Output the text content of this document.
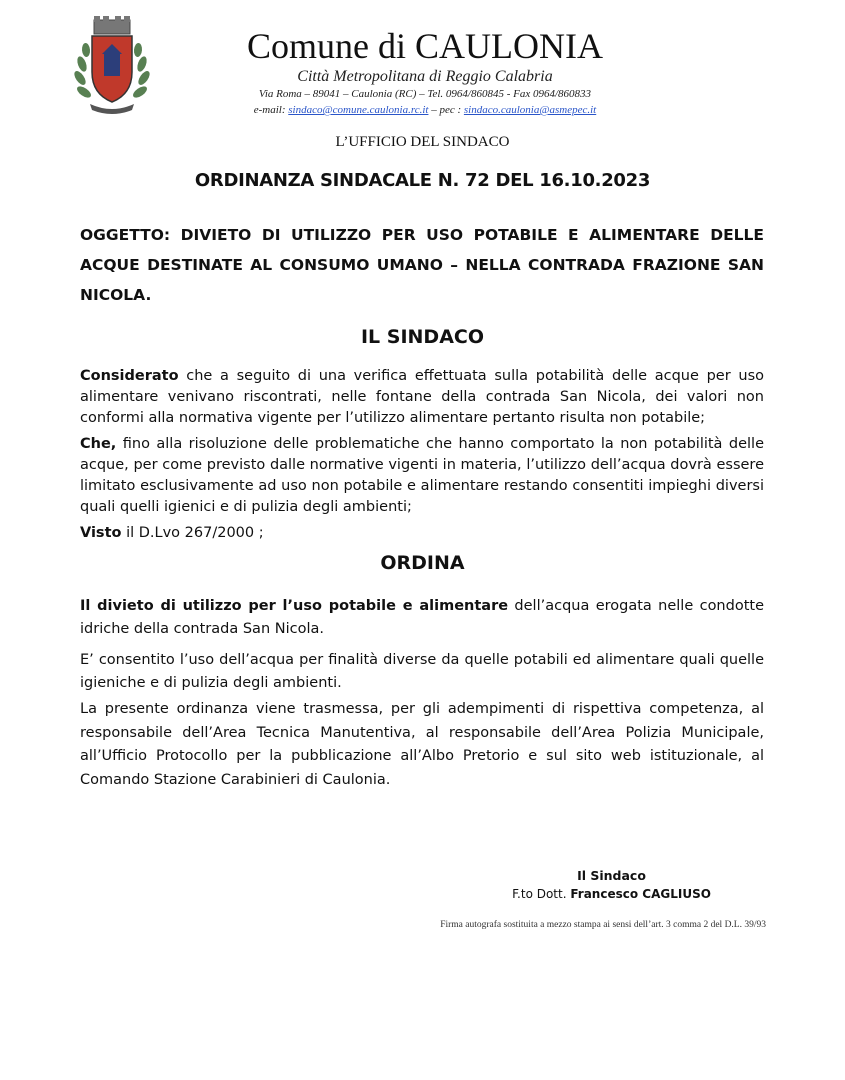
Comune di CAULONIA
Città Metropolitana di Reggio Calabria
Via Roma – 89041 – Caulonia (RC) – Tel. 0964/860845 - Fax 0964/860833
e-mail: sindaco@comune.caulonia.rc.it – pec : sindaco.caulonia@asmepec.it
L’UFFICIO DEL SINDACO
ORDINANZA SINDACALE N. 72 DEL 16.10.2023
OGGETTO: DIVIETO DI UTILIZZO PER USO POTABILE E ALIMENTARE DELLE ACQUE DESTINATE AL CONSUMO UMANO – NELLA CONTRADA FRAZIONE SAN NICOLA.
IL SINDACO
Considerato che a seguito di una verifica effettuata sulla potabilità delle acque per uso alimentare venivano riscontrati, nelle fontane della contrada San Nicola, dei valori non conformi alla normativa vigente per l’utilizzo alimentare pertanto risulta non potabile;
Che, fino alla risoluzione delle problematiche che hanno comportato la non potabilità delle acque, per come previsto dalle normative vigenti in materia, l’utilizzo dell’acqua dovrà essere limitato esclusivamente ad uso non potabile e alimentare restando consentiti impieghi diversi quali quelli igienici e di pulizia degli ambienti;
Visto il D.Lvo 267/2000 ;
ORDINA
Il divieto di utilizzo per l’uso potabile e alimentare dell’acqua erogata nelle condotte idriche della contrada San Nicola.
E’ consentito l’uso dell’acqua per finalità diverse da quelle potabili ed alimentare quali quelle igieniche e di pulizia degli ambienti.
La presente ordinanza viene trasmessa, per gli adempimenti di rispettiva competenza, al responsabile dell’Area Tecnica Manutentiva, al responsabile dell’Area Polizia Municipale, all’Ufficio Protocollo per la pubblicazione all’Albo Pretorio e sul sito web istituzionale, al Comando Stazione Carabinieri di Caulonia.
Il Sindaco
F.to Dott. Francesco CAGLIUSO
Firma autografa sostituita a mezzo stampa ai sensi dell’art. 3 comma 2 del D.L. 39/93
